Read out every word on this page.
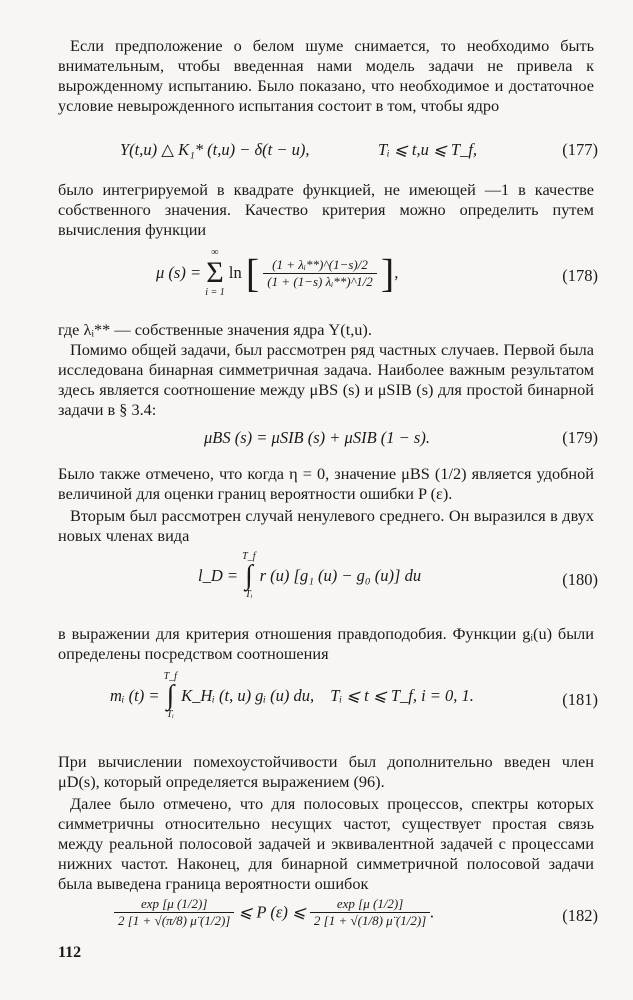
Если предположение о белом шуме снимается, то необходимо быть внимательным, чтобы введенная нами модель задачи не привела к вырожденному испытанию. Было показано, что необходимое и достаточное условие невырожденного испытания состоит в том, чтобы ядро

Y(t,u) △ K₁* (t,u) − δ(t − u),	Tᵢ ⩽ t,u ⩽ T_f,	(177)

было интегрируемой в квадрате функцией, не имеющей —1 в качестве собственного значения. Качество критерия можно определить путем вычисления функции

μ (s) =
∞
Σ
i = 1
ln [ $\frac{\text{(1 + λᵢ**)\textasciicircum{}(1−s)/2}}{\text{(1 + (1−s) λᵢ**)\textasciicircum{}1/2}}$ ],	(178)

где λᵢ** — собственные значения ядра Y(t,u).

Помимо общей задачи, был рассмотрен ряд частных случаев. Первой была исследована бинарная симметричная задача. Наиболее важным результатом здесь является соотношение между μBS (s) и μSIB (s) для простой бинарной задачи в § 3.4:

μBS (s) = μSIB (s) + μSIB (1 − s).	(179)

Было также отмечено, что когда η = 0, значение μBS (1/2) является удобной величиной для оценки границ вероятности ошибки P (ε).

Вторым был рассмотрен случай ненулевого среднего. Он выразился в двух новых членах вида

l_D =
T_f
∫
Tᵢ
r (u) [g₁ (u) − g₀ (u)] du	(180)

в выражении для критерия отношения правдоподобия. Функции gᵢ(u) были определены посредством соотношения

mᵢ (t) =
T_f
∫
Tᵢ
K_Hᵢ (t, u) gᵢ (u) du, Tᵢ ⩽ t ⩽ T_f, i = 0, 1.	(181)

При вычислении помехоустойчивости был дополнительно введен член μD(s), который определяется выражением (96).

Далее было отмечено, что для полосовых процессов, спектры которых симметричны относительно несущих частот, существует простая связь между реальной полосовой задачей и эквивалентной задачей с процессами нижних частот. Наконец, для бинарной симметричной полосовой задачи была выведена граница вероятности ошибок

$\frac{\exp [\mu (1/2)]}{2 [1 + √(\pi/8) \mü (1/2)]}$ ⩽ P (ε) ⩽ $\frac{\exp [\mu (1/2)]}{2 [1 + √(1/8) \mü (1/2)]}$ .	(182)
112
